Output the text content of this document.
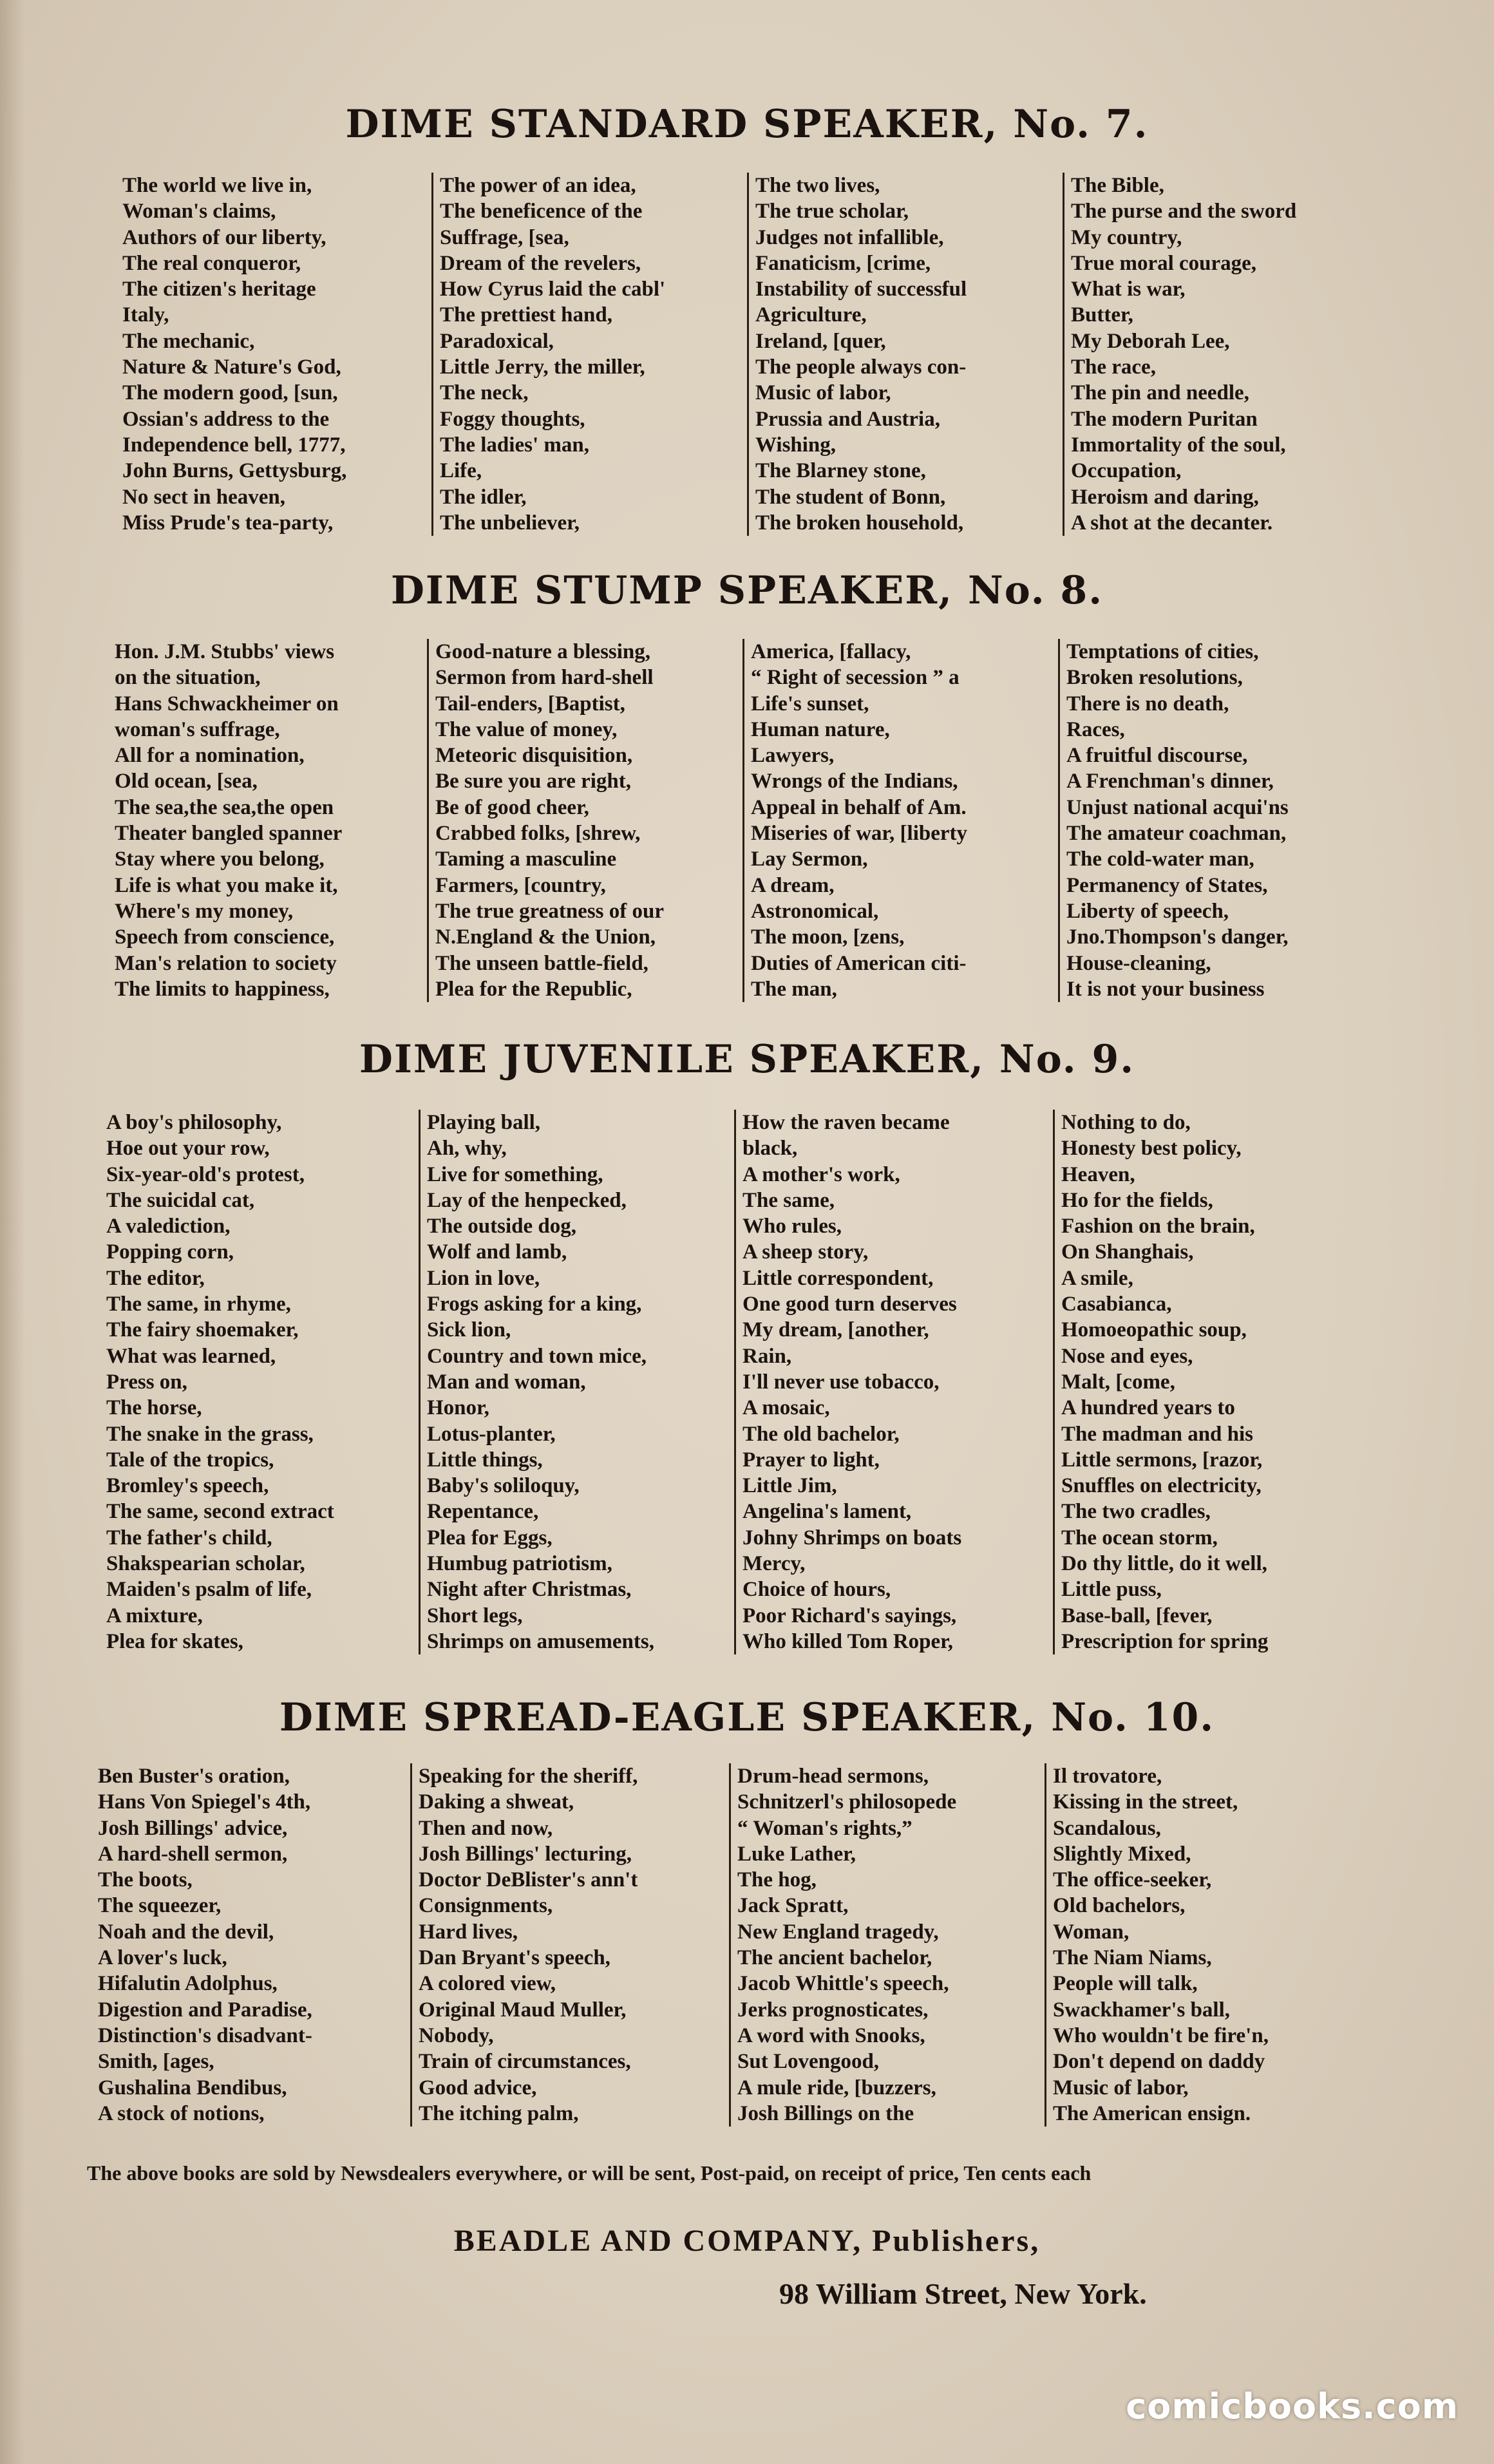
DIME STANDARD SPEAKER, No. 7.
The world we live in,
Woman's claims,
Authors of our liberty,
The real conqueror,
The citizen's heritage
Italy,
The mechanic,
Nature & Nature's God,
The modern good, [sun,
Ossian's address to the
Independence bell, 1777,
John Burns, Gettysburg,
No sect in heaven,
Miss Prude's tea-party,
The power of an idea,
The beneficence of the
Suffrage, [sea,
Dream of the revelers,
How Cyrus laid the cabl'
The prettiest hand,
Paradoxical,
Little Jerry, the miller,
The neck,
Foggy thoughts,
The ladies' man,
Life,
The idler,
The unbeliever,
The two lives,
The true scholar,
Judges not infallible,
Fanaticism, [crime,
Instability of successful
Agriculture,
Ireland, [quer,
The people always con-
Music of labor,
Prussia and Austria,
Wishing,
The Blarney stone,
The student of Bonn,
The broken household,
The Bible,
The purse and the sword
My country,
True moral courage,
What is war,
Butter,
My Deborah Lee,
The race,
The pin and needle,
The modern Puritan
Immortality of the soul,
Occupation,
Heroism and daring,
A shot at the decanter.
DIME STUMP SPEAKER, No. 8.
Hon. J.M. Stubbs' views
on the situation,
Hans Schwackheimer on
woman's suffrage,
All for a nomination,
Old ocean, [sea,
The sea,the sea,the open
Theater bangled spanner
Stay where you belong,
Life is what you make it,
Where's my money,
Speech from conscience,
Man's relation to society
The limits to happiness,
Good-nature a blessing,
Sermon from hard-shell
Tail-enders, [Baptist,
The value of money,
Meteoric disquisition,
Be sure you are right,
Be of good cheer,
Crabbed folks, [shrew,
Taming a masculine
Farmers, [country,
The true greatness of our
N.England & the Union,
The unseen battle-field,
Plea for the Republic,
America, [fallacy,
“ Right of secession ” a
Life's sunset,
Human nature,
Lawyers,
Wrongs of the Indians,
Appeal in behalf of Am.
Miseries of war, [liberty
Lay Sermon,
A dream,
Astronomical,
The moon, [zens,
Duties of American citi-
The man,
Temptations of cities,
Broken resolutions,
There is no death,
Races,
A fruitful discourse,
A Frenchman's dinner,
Unjust national acqui'ns
The amateur coachman,
The cold-water man,
Permanency of States,
Liberty of speech,
Jno.Thompson's danger,
House-cleaning,
It is not your business
DIME JUVENILE SPEAKER, No. 9.
A boy's philosophy,
Hoe out your row,
Six-year-old's protest,
The suicidal cat,
A valediction,
Popping corn,
The editor,
The same, in rhyme,
The fairy shoemaker,
What was learned,
Press on,
The horse,
The snake in the grass,
Tale of the tropics,
Bromley's speech,
The same, second extract
The father's child,
Shakspearian scholar,
Maiden's psalm of life,
A mixture,
Plea for skates,
Playing ball,
Ah, why,
Live for something,
Lay of the henpecked,
The outside dog,
Wolf and lamb,
Lion in love,
Frogs asking for a king,
Sick lion,
Country and town mice,
Man and woman,
Honor,
Lotus-planter,
Little things,
Baby's soliloquy,
Repentance,
Plea for Eggs,
Humbug patriotism,
Night after Christmas,
Short legs,
Shrimps on amusements,
How the raven became
black,
A mother's work,
The same,
Who rules,
A sheep story,
Little correspondent,
One good turn deserves
My dream, [another,
Rain,
I'll never use tobacco,
A mosaic,
The old bachelor,
Prayer to light,
Little Jim,
Angelina's lament,
Johny Shrimps on boats
Mercy,
Choice of hours,
Poor Richard's sayings,
Who killed Tom Roper,
Nothing to do,
Honesty best policy,
Heaven,
Ho for the fields,
Fashion on the brain,
On Shanghais,
A smile,
Casabianca,
Homoeopathic soup,
Nose and eyes,
Malt, [come,
A hundred years to
The madman and his
Little sermons, [razor,
Snuffles on electricity,
The two cradles,
The ocean storm,
Do thy little, do it well,
Little puss,
Base-ball, [fever,
Prescription for spring
DIME SPREAD-EAGLE SPEAKER, No. 10.
Ben Buster's oration,
Hans Von Spiegel's 4th,
Josh Billings' advice,
A hard-shell sermon,
The boots,
The squeezer,
Noah and the devil,
A lover's luck,
Hifalutin Adolphus,
Digestion and Paradise,
Distinction's disadvant-
Smith, [ages,
Gushalina Bendibus,
A stock of notions,
Speaking for the sheriff,
Daking a shweat,
Then and now,
Josh Billings' lecturing,
Doctor DeBlister's ann't
Consignments,
Hard lives,
Dan Bryant's speech,
A colored view,
Original Maud Muller,
Nobody,
Train of circumstances,
Good advice,
The itching palm,
Drum-head sermons,
Schnitzerl's philosopede
“ Woman's rights,”
Luke Lather,
The hog,
Jack Spratt,
New England tragedy,
The ancient bachelor,
Jacob Whittle's speech,
Jerks prognosticates,
A word with Snooks,
Sut Lovengood,
A mule ride, [buzzers,
Josh Billings on the
Il trovatore,
Kissing in the street,
Scandalous,
Slightly Mixed,
The office-seeker,
Old bachelors,
Woman,
The Niam Niams,
People will talk,
Swackhamer's ball,
Who wouldn't be fire'n,
Don't depend on daddy
Music of labor,
The American ensign.

The above books are sold by Newsdealers everywhere, or will be sent, Post-paid, on receipt of price, Ten cents each

BEADLE AND COMPANY, Publishers,
98 William Street, New York.
comicbooks.com
